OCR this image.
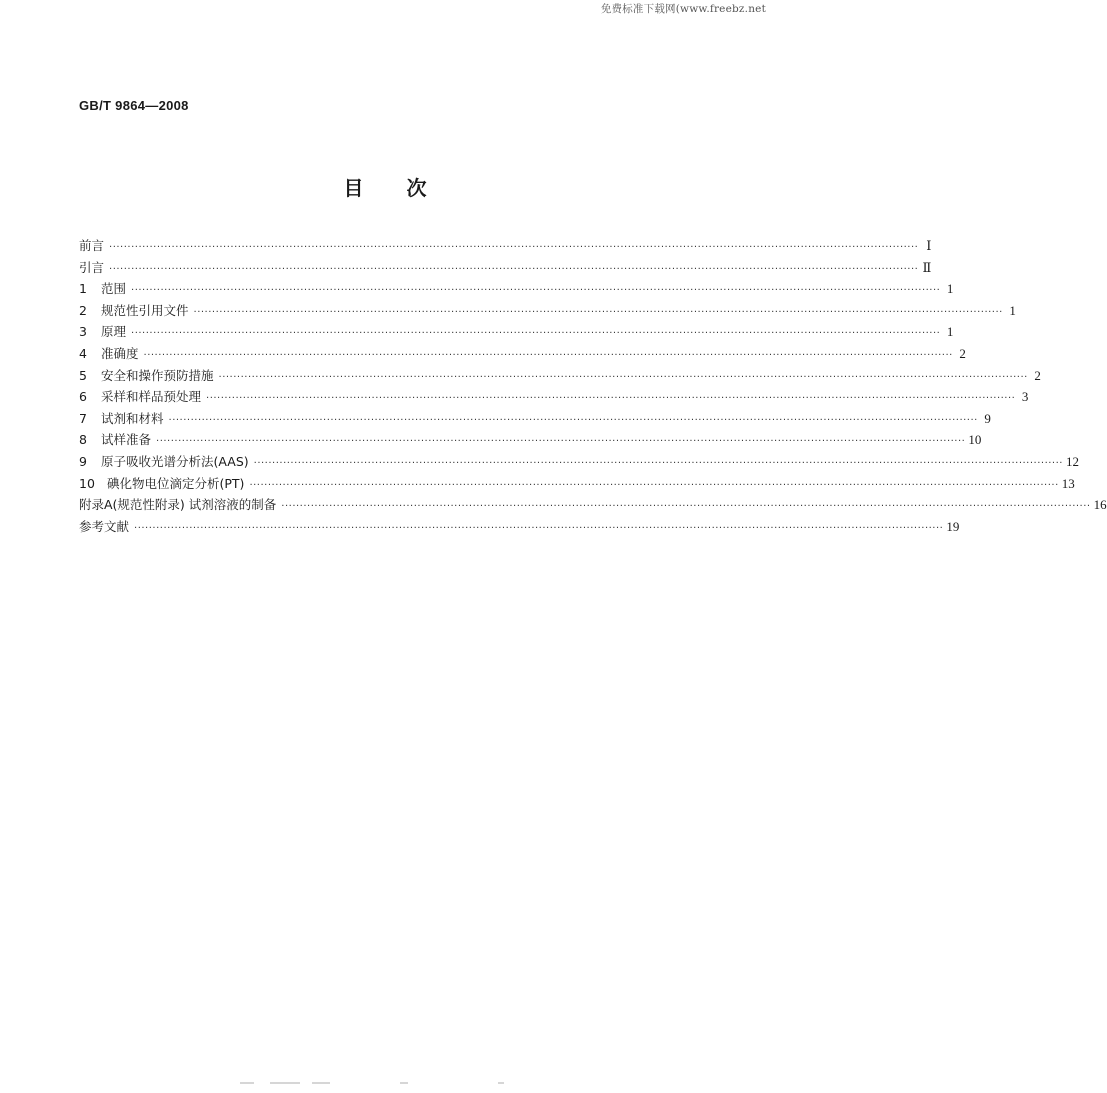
免费标准下载网(www.freebz.net
GB/T 9864—2008
目 次
前言 ···························································································································································································································· Ⅰ
引言 ···························································································································································································································· Ⅱ
1	范围 ···························································································································································································································· 1
2	规范性引用文件 ···························································································································································································································· 1
3	原理 ···························································································································································································································· 1
4	准确度 ···························································································································································································································· 2
5	安全和操作预防措施 ···························································································································································································································· 2
6	采样和样品预处理 ···························································································································································································································· 3
7	试剂和材料 ···························································································································································································································· 9
8	试样准备 ···························································································································································································································· 10
9	原子吸收光谱分析法(AAS) ···························································································································································································································· 12
10 碘化物电位滴定分析(PT) ···························································································································································································································· 13
附录A(规范性附录) 试剂溶液的制备 ···························································································································································································································· 16
参考文献 ···························································································································································································································· 19
